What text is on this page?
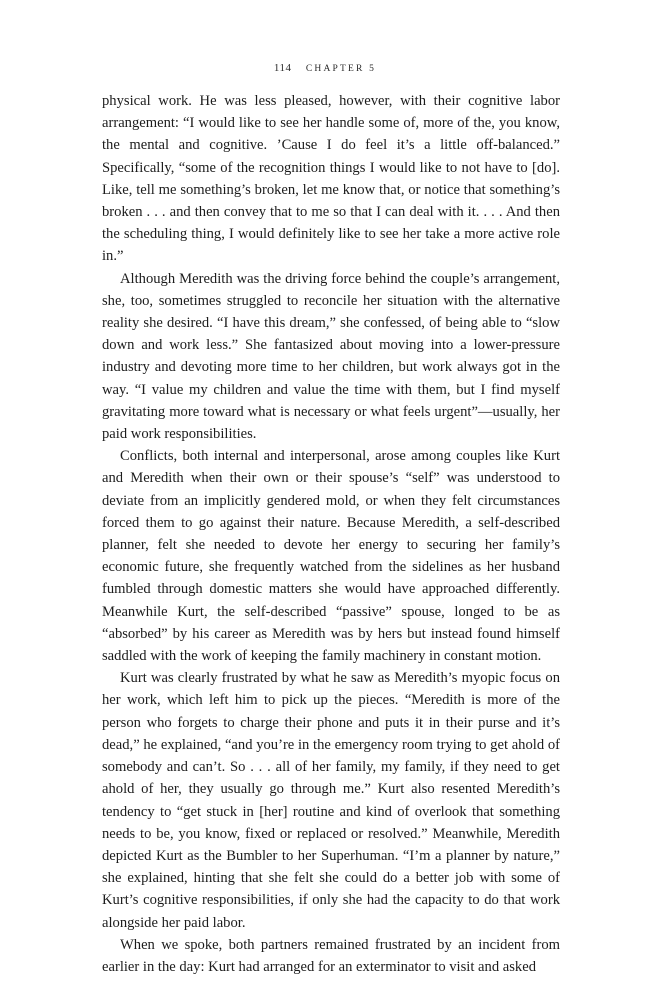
114 CHAPTER 5

physical work. He was less pleased, however, with their cognitive labor arrangement: “I would like to see her handle some of, more of the, you know, the mental and cognitive. ’Cause I do feel it’s a little off-balanced.” Specifically, “some of the recognition things I would like to not have to [do]. Like, tell me something’s broken, let me know that, or notice that something’s broken . . . and then convey that to me so that I can deal with it. . . . And then the scheduling thing, I would definitely like to see her take a more active role in.”

Although Meredith was the driving force behind the couple’s arrangement, she, too, sometimes struggled to reconcile her situation with the alternative reality she desired. “I have this dream,” she confessed, of being able to “slow down and work less.” She fantasized about moving into a lower-pressure industry and devoting more time to her children, but work always got in the way. “I value my children and value the time with them, but I find myself gravitating more toward what is necessary or what feels urgent”—usually, her paid work responsibilities.

Conflicts, both internal and interpersonal, arose among couples like Kurt and Meredith when their own or their spouse’s “self” was understood to deviate from an implicitly gendered mold, or when they felt circumstances forced them to go against their nature. Because Meredith, a self-described planner, felt she needed to devote her energy to securing her family’s economic future, she frequently watched from the sidelines as her husband fumbled through domestic matters she would have approached differently. Meanwhile Kurt, the self-described “passive” spouse, longed to be as “absorbed” by his career as Meredith was by hers but instead found himself saddled with the work of keeping the family machinery in constant motion.

Kurt was clearly frustrated by what he saw as Meredith’s myopic focus on her work, which left him to pick up the pieces. “Meredith is more of the person who forgets to charge their phone and puts it in their purse and it’s dead,” he explained, “and you’re in the emergency room trying to get ahold of somebody and can’t. So . . . all of her family, my family, if they need to get ahold of her, they usually go through me.” Kurt also resented Meredith’s tendency to “get stuck in [her] routine and kind of overlook that something needs to be, you know, fixed or replaced or resolved.” Meanwhile, Meredith depicted Kurt as the Bumbler to her Superhuman. “I’m a planner by nature,” she explained, hinting that she felt she could do a better job with some of Kurt’s cognitive responsibilities, if only she had the capacity to do that work alongside her paid labor.

When we spoke, both partners remained frustrated by an incident from earlier in the day: Kurt had arranged for an exterminator to visit and asked
